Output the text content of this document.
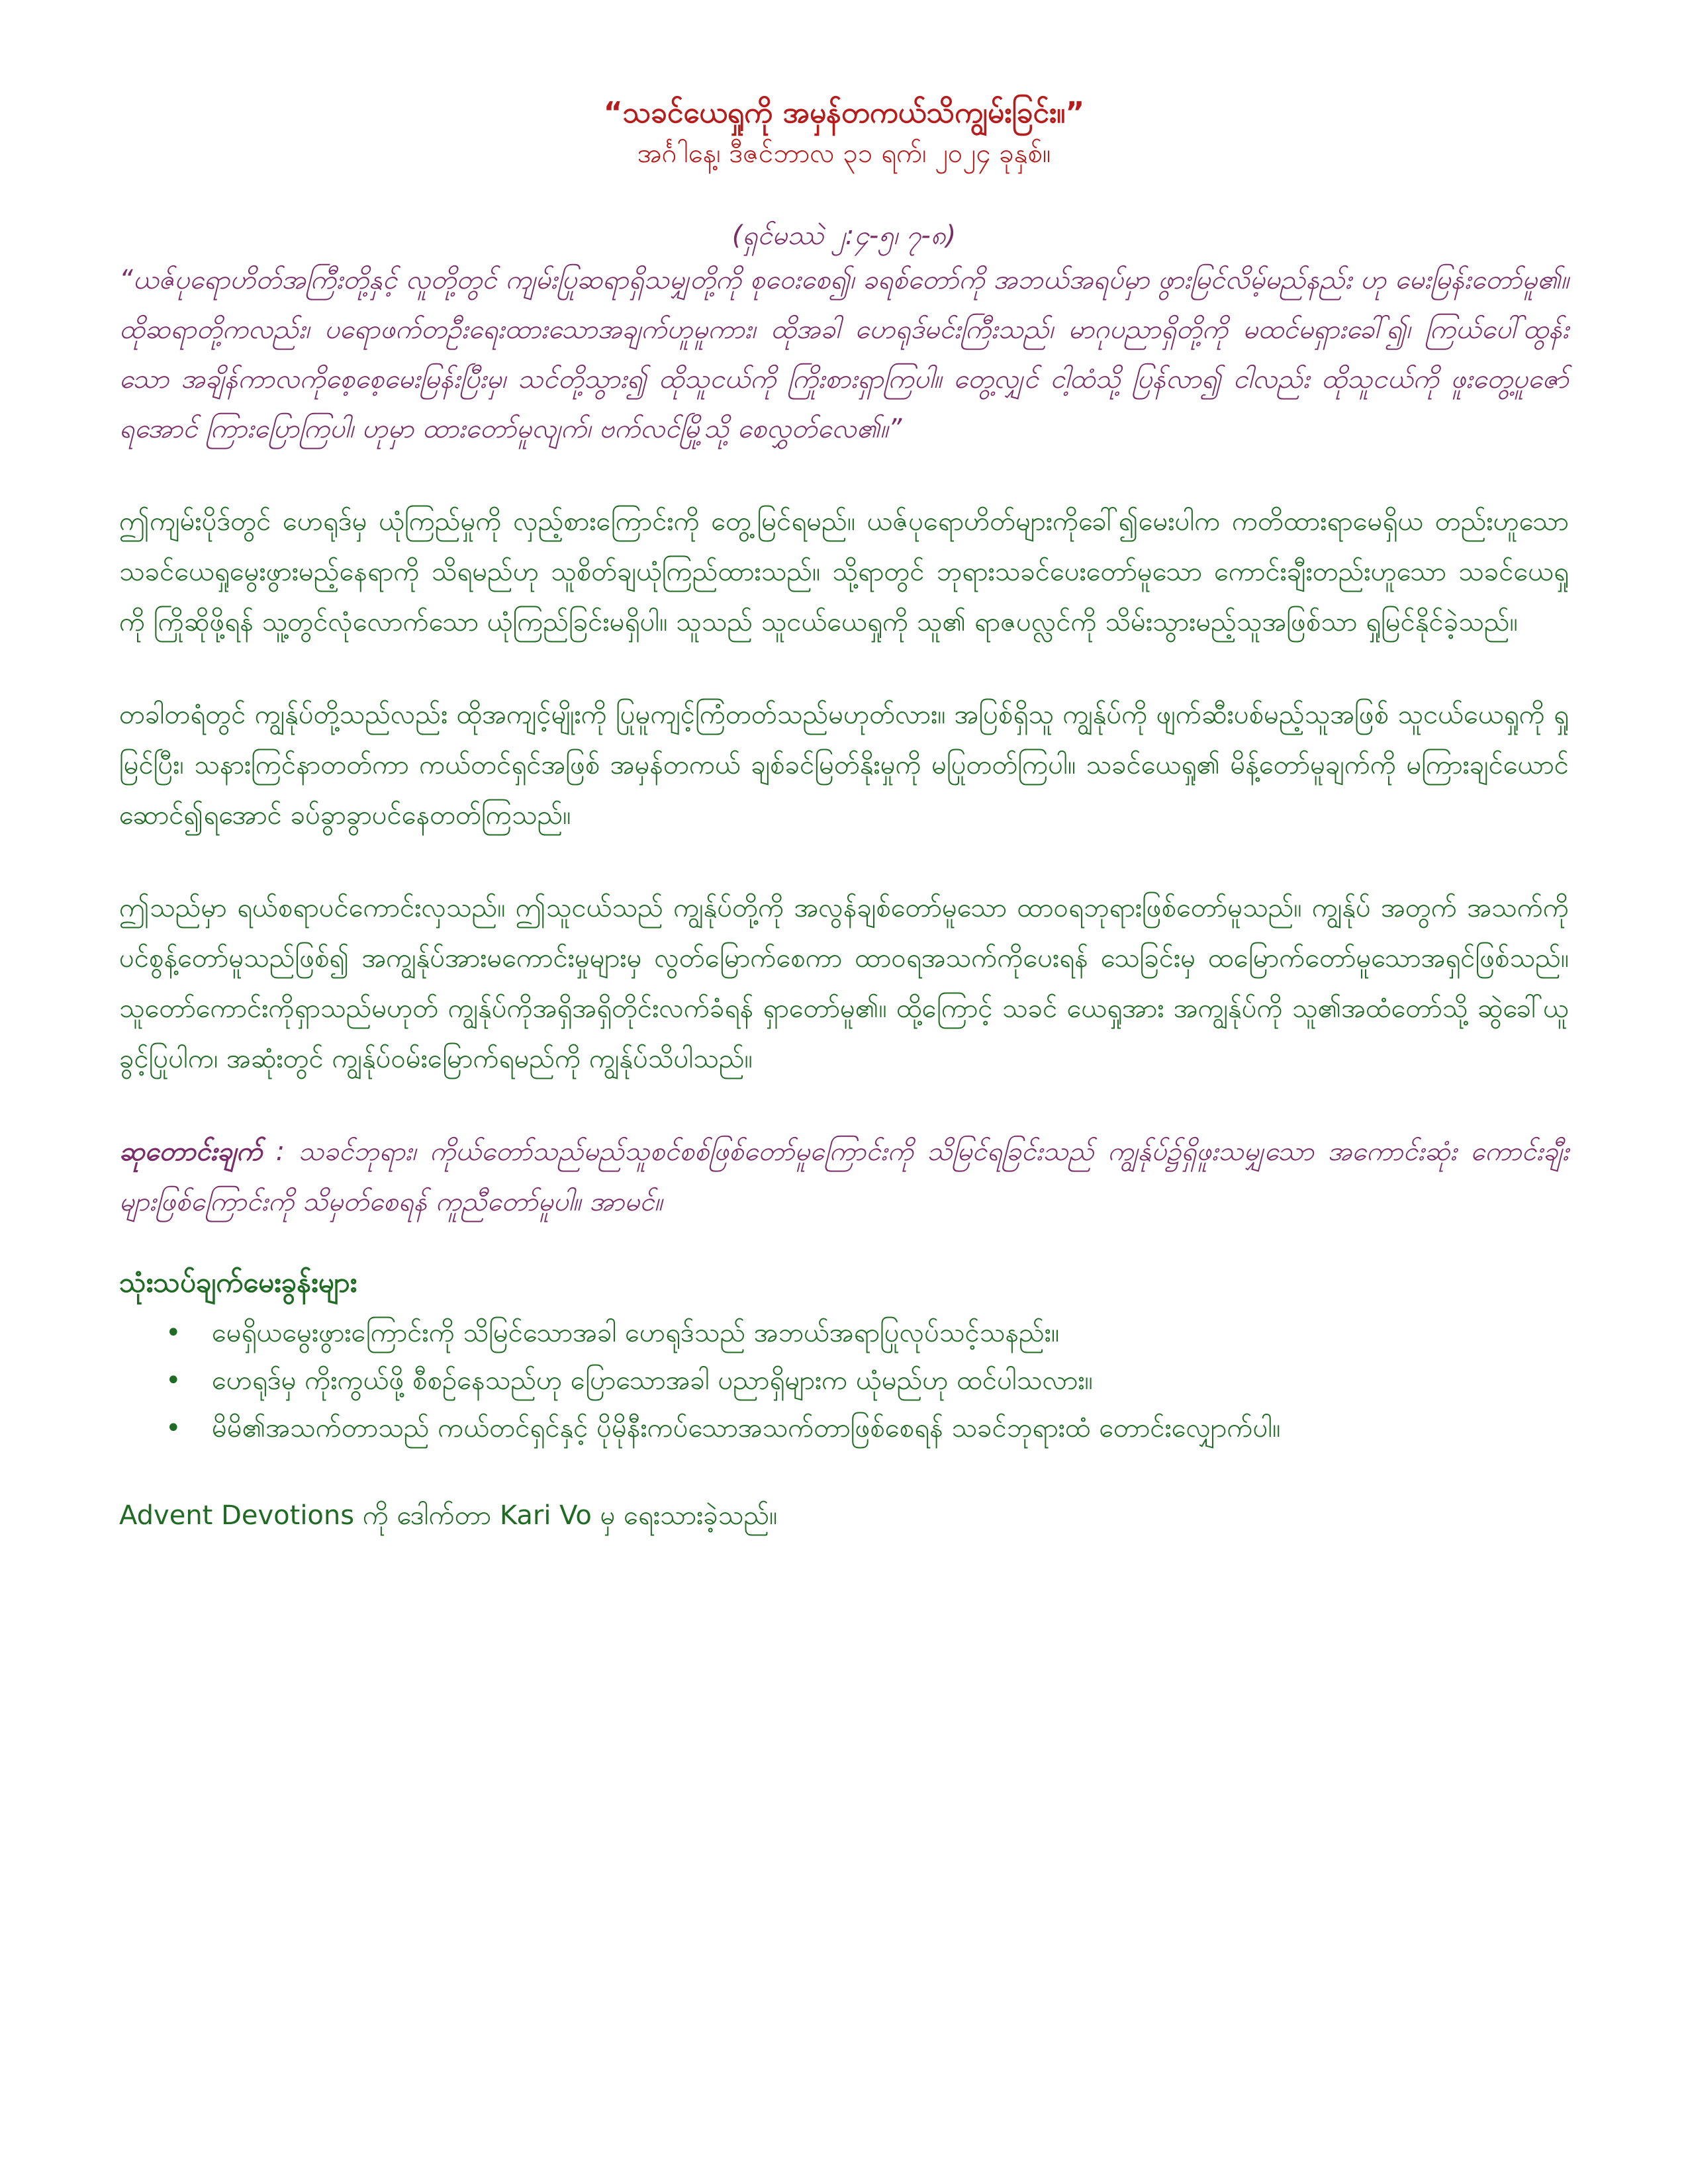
“သခင်ယေရှုကို အမှန်တကယ်သိကျွမ်းခြင်း။”

အင်္ဂါနေ့၊ ဒီဇင်ဘာလ ၃၁ ရက်၊ ၂၀၂၄ ခုနှစ်။

(ရှင်မဿဲ ၂:၄-၅၊ ၇-၈)

“ယဇ်ပုရောဟိတ်အကြီးတို့နှင့် လူတို့တွင် ကျမ်းပြုဆရာရှိသမျှတို့ကို စုဝေးစေ၍၊ ခရစ်တော်ကို အဘယ်အရပ်မှာ ဖွားမြင်လိမ့်မည်နည်း ဟု မေးမြန်းတော်မူ၏။ ထိုဆရာတို့ကလည်း၊ ပရောဖက်တဦးရေးထားသောအချက်ဟူမူကား၊ ထိုအခါ ဟေရုဒ်မင်းကြီးသည်၊ မာဂုပညာရှိတို့ကို မထင်မရှားခေါ်၍၊ ကြယ်ပေါ်ထွန်းသော အချိန်ကာလကိုစေ့စေ့မေးမြန်းပြီးမှ၊ သင်တို့သွား၍ ထိုသူငယ်ကို ကြိုးစားရှာကြပါ။ တွေ့လျှင် ငါ့ထံသို့ ပြန်လာ၍ ငါလည်း ထိုသူငယ်ကို ဖူးတွေ့ပူဇော်ရအောင် ကြားပြောကြပါ၊ ဟုမှာ ထားတော်မူလျက်၊ ဗက်လင်မြို့သို့ စေလွှတ်လေ၏။”

ဤကျမ်းပိုဒ်တွင် ဟေရုဒ်မှ ယုံကြည်မှုကို လှည့်စားကြောင်းကို တွေ့မြင်ရမည်။ ယဇ်ပုရောဟိတ်များကိုခေါ်၍မေးပါက ကတိထားရာမေရှိယ တည်းဟူသော သခင်ယေရှုမွေးဖွားမည့်နေရာကို သိရမည်ဟု သူစိတ်ချယုံကြည်ထားသည်။ သို့ရာတွင် ဘုရားသခင်ပေးတော်မူသော ကောင်းချီးတည်းဟူသော သခင်ယေရှုကို ကြိုဆိုဖို့ရန် သူ့တွင်လုံလောက်သော ယုံကြည်ခြင်းမရှိပါ။ သူသည် သူငယ်ယေရှုကို သူ၏ ရာဇပလ္လင်ကို သိမ်းသွားမည့်သူအဖြစ်သာ ရှုမြင်နိုင်ခဲ့သည်။

တခါတရံတွင် ကျွန်ုပ်တို့သည်လည်း ထိုအကျင့်မျိုးကို ပြုမူကျင့်ကြံတတ်သည်မဟုတ်လား။ အပြစ်ရှိသူ ကျွန်ုပ်ကို ဖျက်ဆီးပစ်မည့်သူအဖြစ် သူငယ်ယေရှုကို ရှုမြင်ပြီး၊ သနားကြင်နာတတ်ကာ ကယ်တင်ရှင်အဖြစ် အမှန်တကယ် ချစ်ခင်မြတ်နိုးမှုကို မပြုတတ်ကြပါ။ သခင်ယေရှု၏ မိန့်တော်မူချက်ကို မကြားချင်ယောင်ဆောင်၍ရအောင် ခပ်ခွာခွာပင်နေတတ်ကြသည်။

ဤသည်မှာ ရယ်စရာပင်ကောင်းလှသည်။ ဤသူငယ်သည် ကျွန်ုပ်တို့ကို အလွန်ချစ်တော်မူသော ထာဝရဘုရားဖြစ်တော်မူသည်။ ကျွန်ုပ် အတွက် အသက်ကိုပင်စွန့်တော်မူသည်ဖြစ်၍ အကျွန်ုပ်အားမကောင်းမှုများမှ လွတ်မြောက်စေကာ ထာဝရအသက်ကိုပေးရန် သေခြင်းမှ ထမြောက်တော်မူသောအရှင်ဖြစ်သည်။ သူတော်ကောင်းကိုရှာသည်မဟုတ် ကျွန်ုပ်ကိုအရှိအရှိတိုင်းလက်ခံရန် ရှာတော်မူ၏။ ထို့ကြောင့် သခင် ယေရှုအား အကျွန်ုပ်ကို သူ၏အထံတော်သို့ ဆွဲခေါ်ယူခွင့်ပြုပါက၊ အဆုံးတွင် ကျွန်ုပ်ဝမ်းမြောက်ရမည်ကို ကျွန်ုပ်သိပါသည်။

ဆုတောင်းချက် : သခင်ဘုရား၊ ကိုယ်တော်သည်မည်သူစင်စစ်ဖြစ်တော်မူကြောင်းကို သိမြင်ရခြင်းသည် ကျွန်ုပ်၌ရှိဖူးသမျှသော အကောင်းဆုံး ကောင်းချီးများဖြစ်ကြောင်းကို သိမှတ်စေရန် ကူညီတော်မူပါ။ အာမင်။

သုံးသပ်ချက်မေးခွန်းများ
• မေရှိယမွေးဖွားကြောင်းကို သိမြင်သောအခါ ဟေရုဒ်သည် အဘယ်အရာပြုလုပ်သင့်သနည်း။
• ဟေရုဒ်မှ ကိုးကွယ်ဖို့ စီစဉ်နေသည်ဟု ပြောသောအခါ ပညာရှိများက ယုံမည်ဟု ထင်ပါသလား။
• မိမိ၏အသက်တာသည် ကယ်တင်ရှင်နှင့် ပိုမိုနီးကပ်သောအသက်တာဖြစ်စေရန် သခင်ဘုရားထံ တောင်းလျှောက်ပါ။

Advent Devotions ကို ဒေါက်တာ Kari Vo မှ ရေးသားခဲ့သည်။
